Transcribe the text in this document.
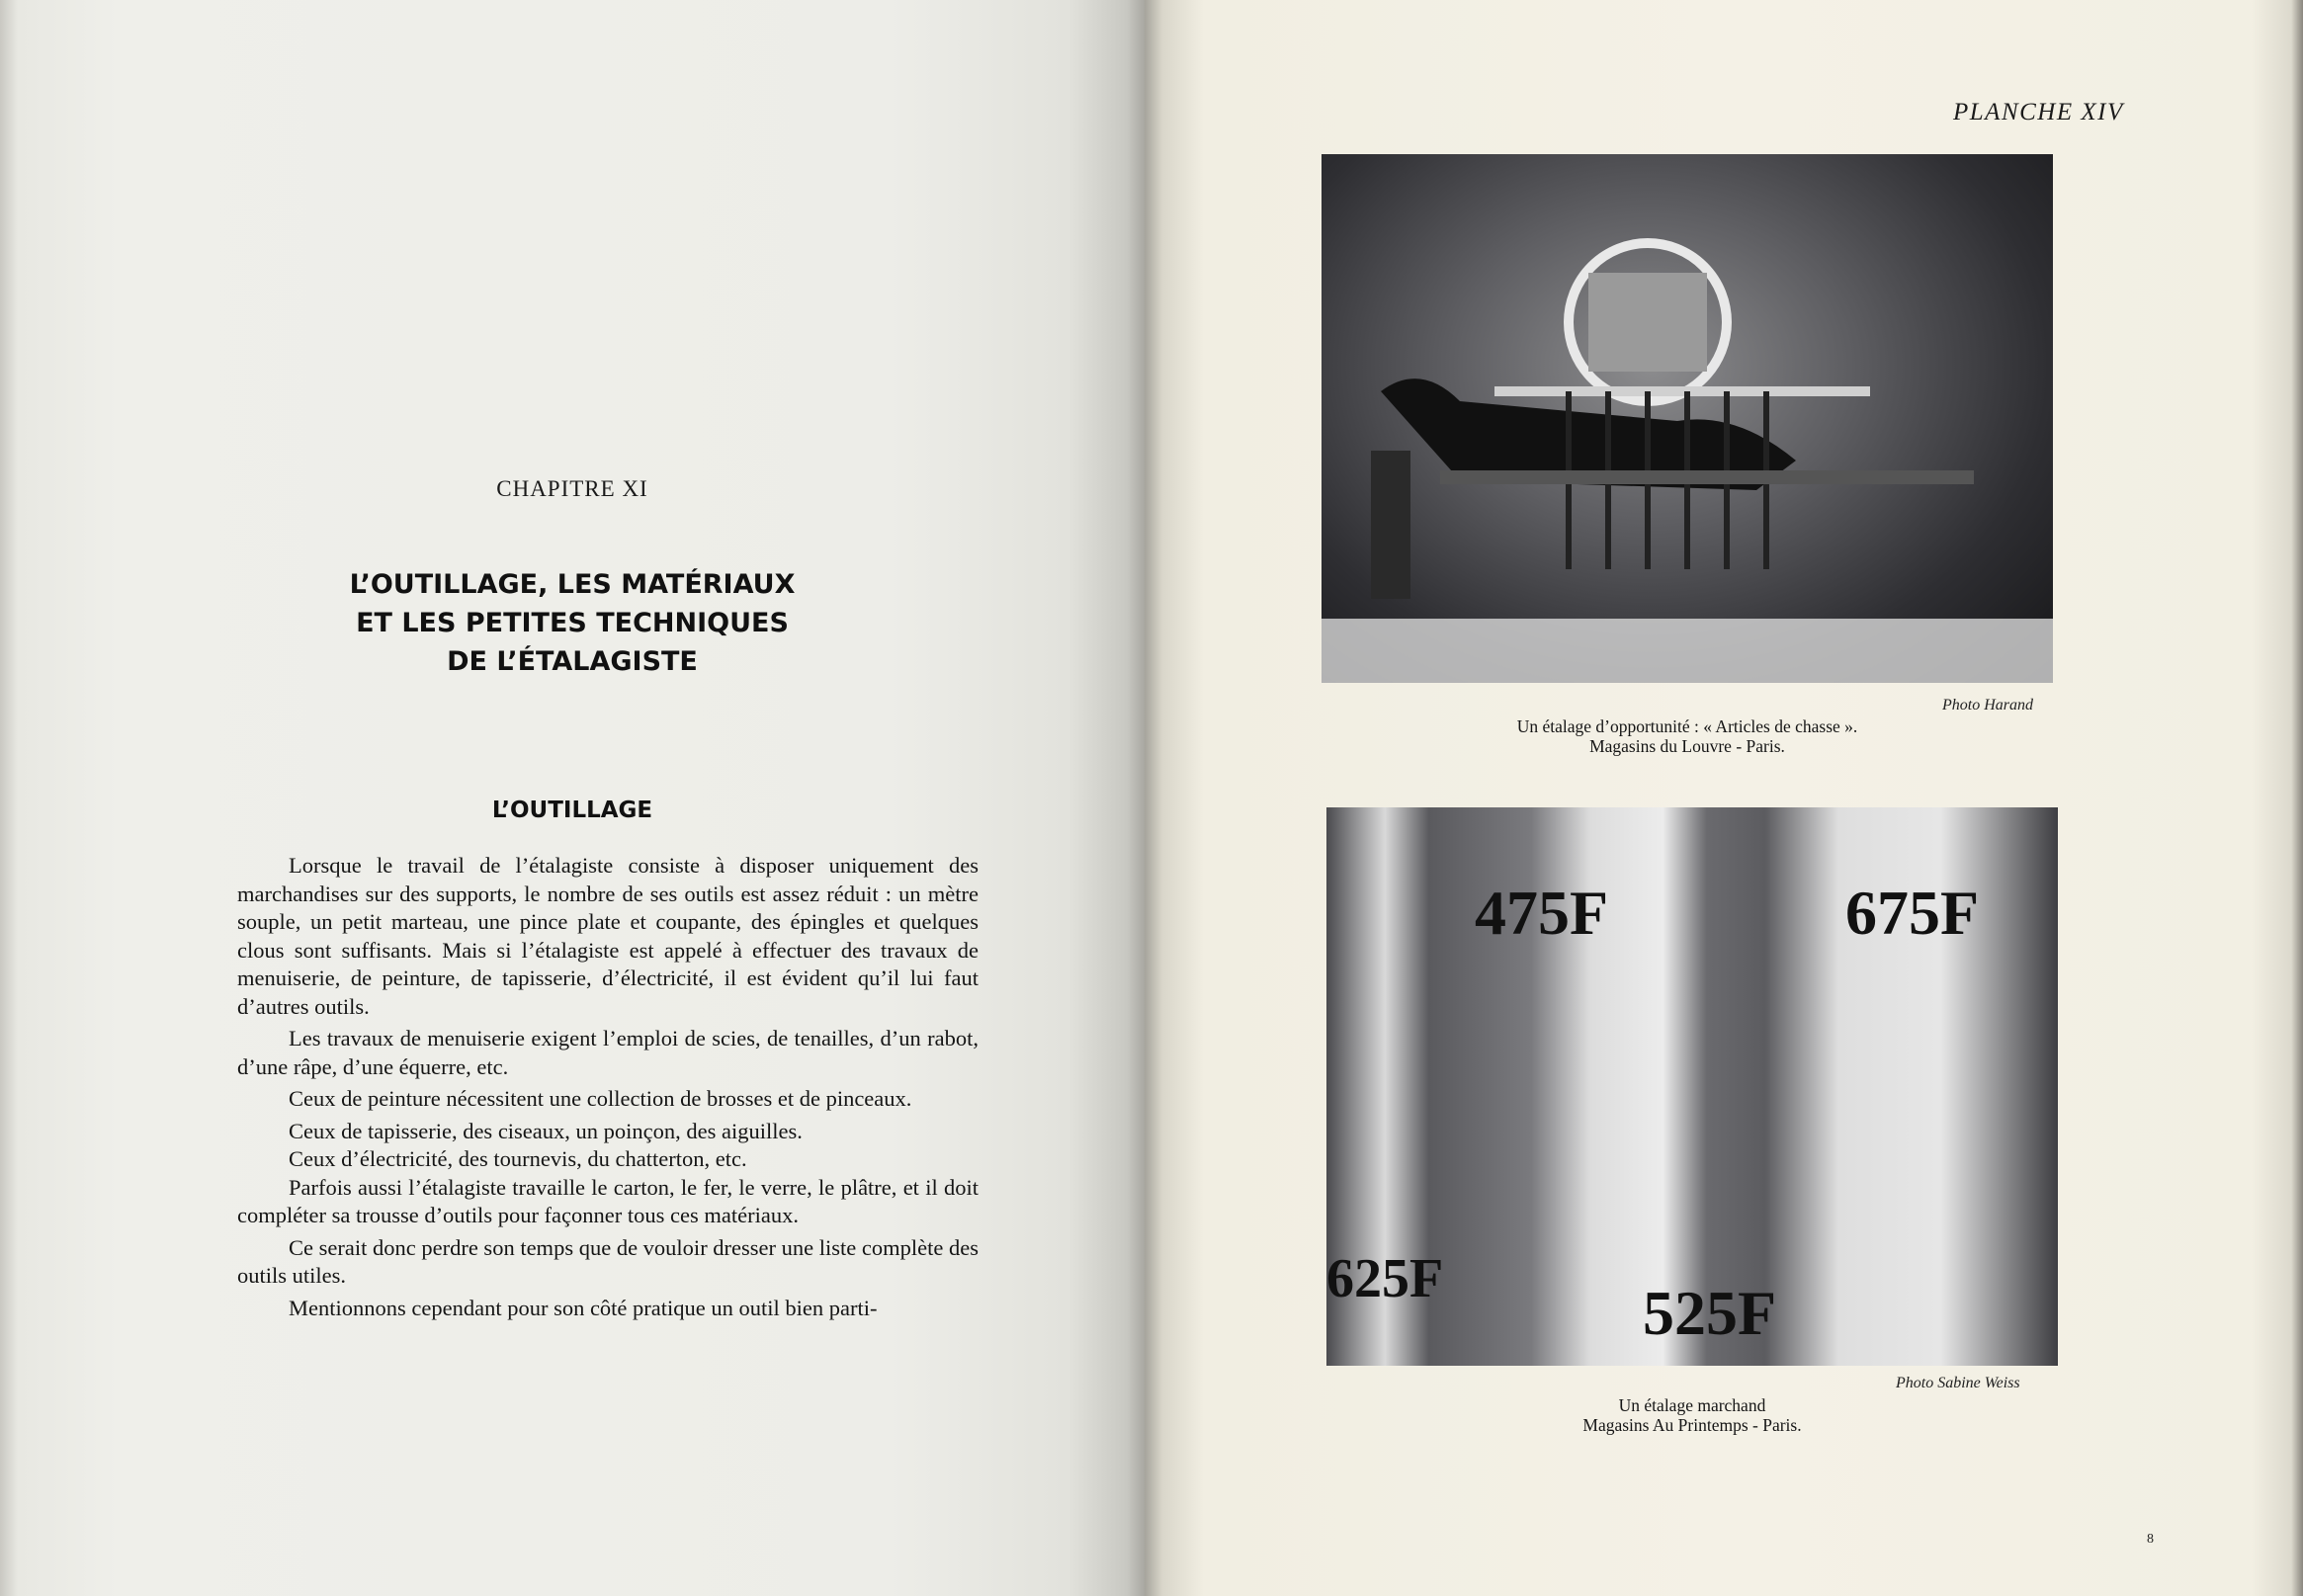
CHAPITRE XI
L’OUTILLAGE, LES MATÉRIAUX
ET LES PETITES TECHNIQUES
DE L’ÉTALAGISTE
L’OUTILLAGE

Lorsque le travail de l’étalagiste consiste à disposer uniquement des marchandises sur des supports, le nombre de ses outils est assez réduit : un mètre souple, un petit marteau, une pince plate et coupante, des épingles et quelques clous sont suffisants. Mais si l’étalagiste est appelé à effectuer des travaux de menuiserie, de peinture, de tapisserie, d’électricité, il est évident qu’il lui faut d’autres outils.

Les travaux de menuiserie exigent l’emploi de scies, de tenailles, d’un rabot, d’une râpe, d’une équerre, etc.

Ceux de peinture nécessitent une collection de brosses et de pinceaux.

Ceux de tapisserie, des ciseaux, un poinçon, des aiguilles.

Ceux d’électricité, des tournevis, du chatterton, etc.

Parfois aussi l’étalagiste travaille le carton, le fer, le verre, le plâtre, et il doit compléter sa trousse d’outils pour façonner tous ces matériaux.

Ce serait donc perdre son temps que de vouloir dresser une liste complète des outils utiles.

Mentionnons cependant pour son côté pratique un outil bien parti-

PLANCHE XIV
Photo Harand
Un étalage d’opportunité : « Articles de chasse ».
Magasins du Louvre - Paris.
475F	675F
625F	525F
Photo Sabine Weiss
Un étalage marchand
Magasins Au Printemps - Paris.
8
